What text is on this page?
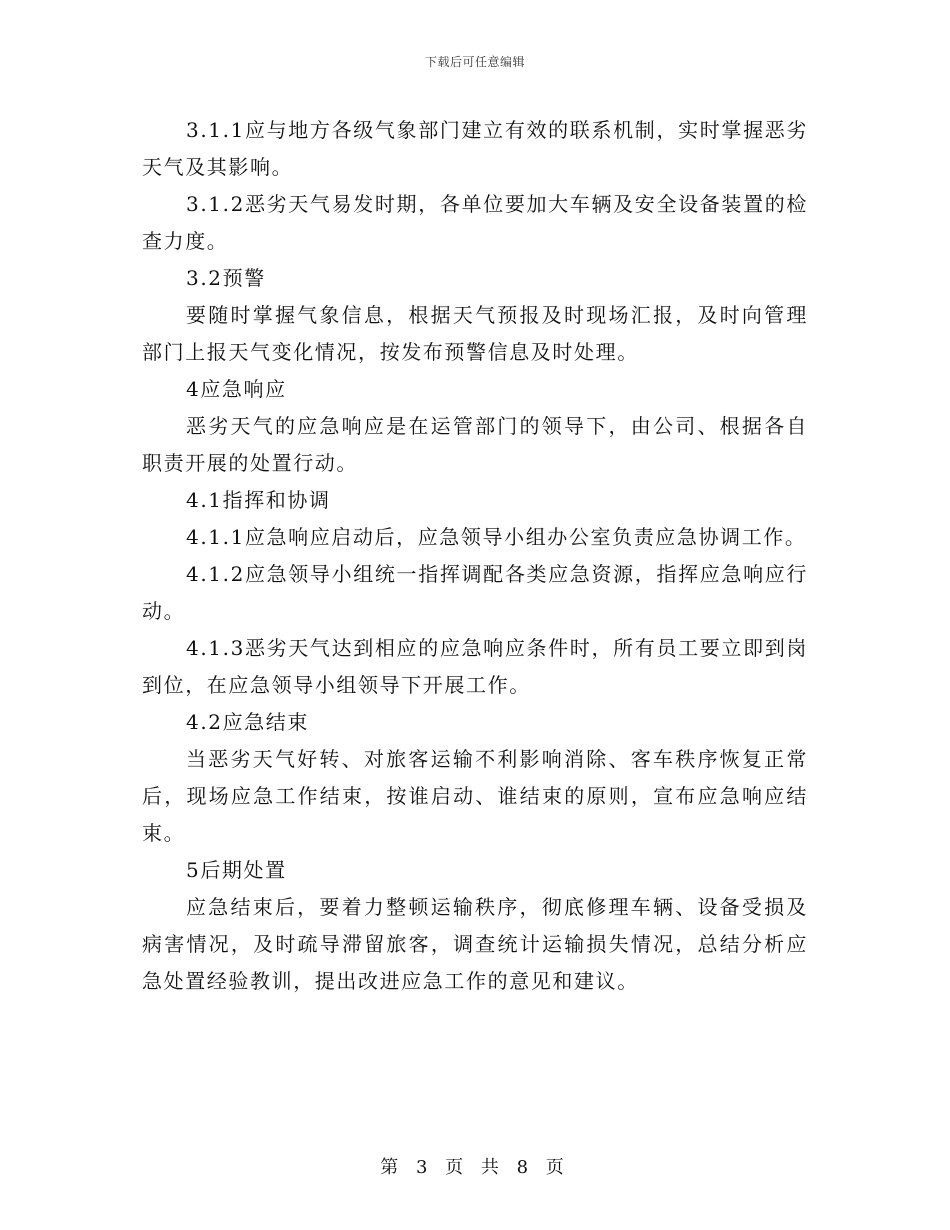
下载后可任意编辑

3.1.1应与地方各级气象部门建立有效的联系机制，实时掌握恶劣天气及其影响。

3.1.2恶劣天气易发时期，各单位要加大车辆及安全设备装置的检查力度。

3.2预警

要随时掌握气象信息，根据天气预报及时现场汇报，及时向管理部门上报天气变化情况，按发布预警信息及时处理。

4应急响应

恶劣天气的应急响应是在运管部门的领导下，由公司、根据各自职责开展的处置行动。

4.1指挥和协调

4.1.1应急响应启动后，应急领导小组办公室负责应急协调工作。

4.1.2应急领导小组统一指挥调配各类应急资源，指挥应急响应行动。

4.1.3恶劣天气达到相应的应急响应条件时，所有员工要立即到岗到位，在应急领导小组领导下开展工作。

4.2应急结束

当恶劣天气好转、对旅客运输不利影响消除、客车秩序恢复正常后，现场应急工作结束，按谁启动、谁结束的原则，宣布应急响应结束。

5后期处置

应急结束后，要着力整顿运输秩序，彻底修理车辆、设备受损及病害情况，及时疏导滞留旅客，调查统计运输损失情况，总结分析应急处置经验教训，提出改进应急工作的意见和建议。

第 3 页 共 8 页
